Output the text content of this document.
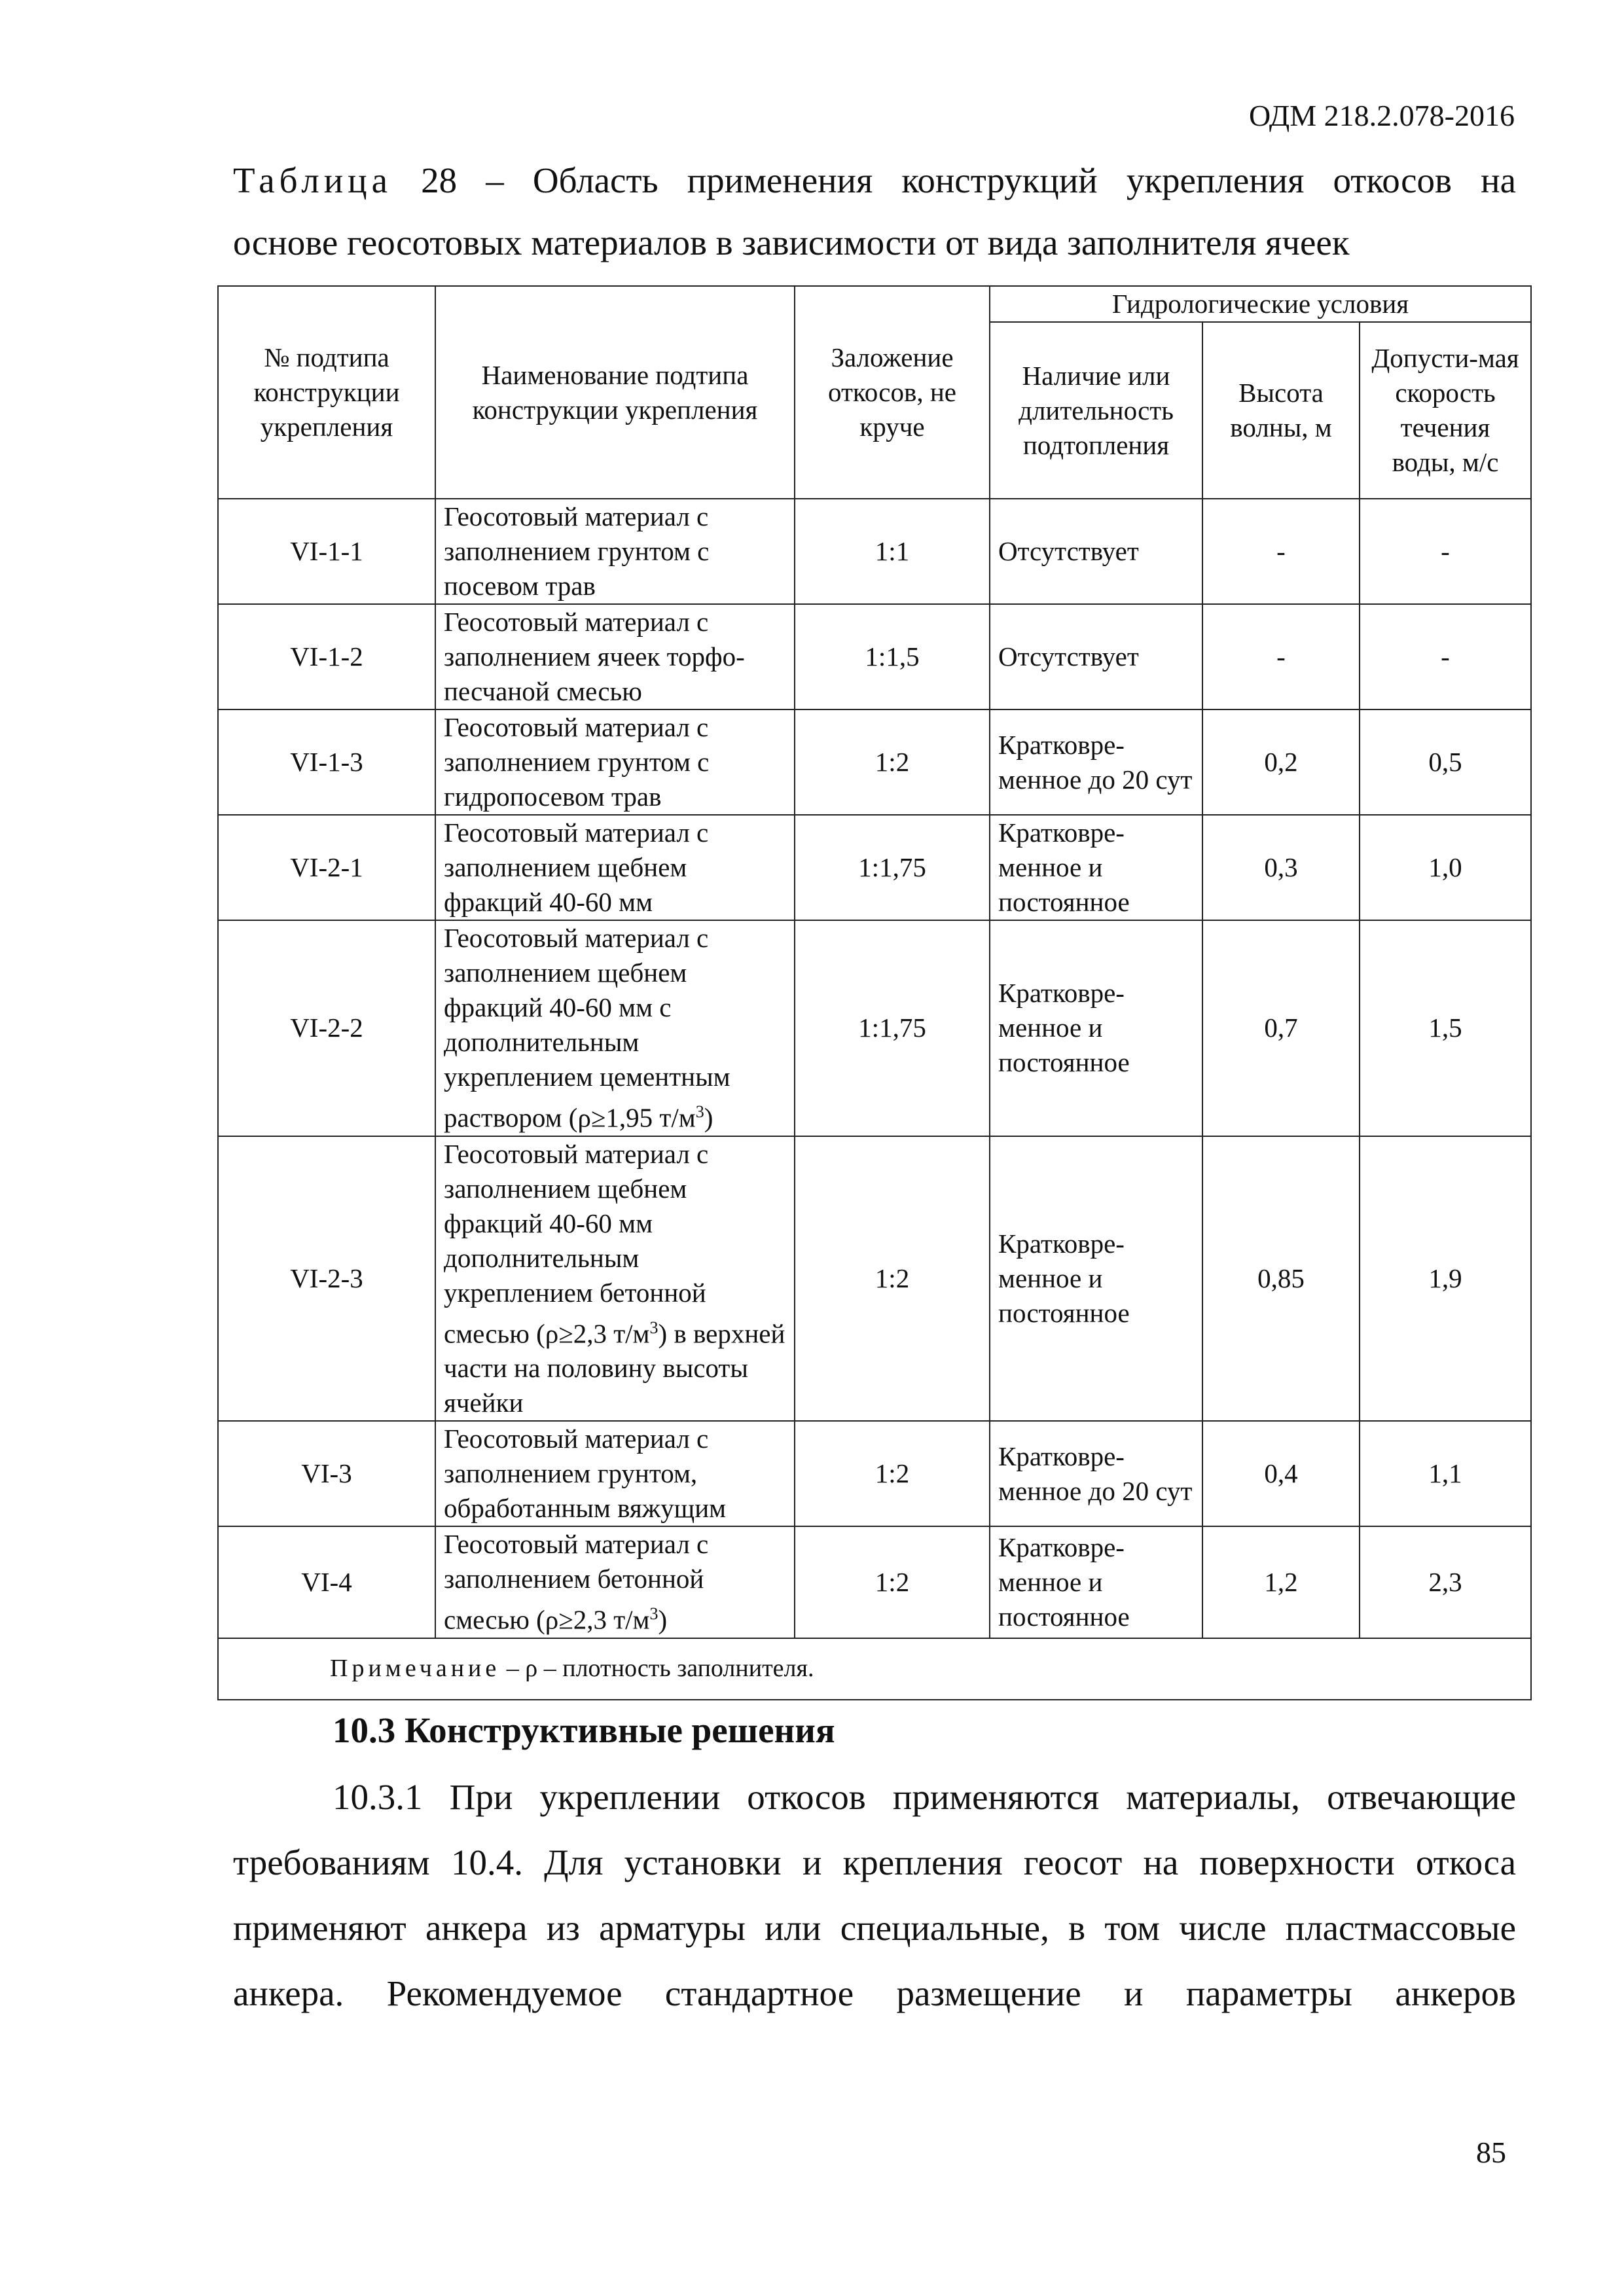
ОДМ 218.2.078-2016
Таблица 28 – Область применения конструкций укрепления откосов на
основе геосотовых материалов в зависимости от вида заполнителя ячеек
№ подтипа конструкции укрепления	Наименование подтипа конструкции укрепления	Заложение откосов, не круче	Гидрологические условия		
			Наличие или длительность подтопления	Высота волны, м	Допусти-мая скорость течения воды, м/с
VI-1-1	Геосотовый материал с заполнением грунтом с посевом трав	1:1	Отсутствует	-	-
VI-1-2	Геосотовый материал с заполнением ячеек торфо-песчаной смесью	1:1,5	Отсутствует	-	-
VI-1-3	Геосотовый материал с заполнением грунтом с гидропосевом трав	1:2	Кратковре-менное до 20 сут	0,2	0,5
VI-2-1	Геосотовый материал с заполнением щебнем фракций 40-60 мм	1:1,75	Кратковре-менное и постоянное	0,3	1,0
VI-2-2	Геосотовый материал с заполнением щебнем фракций 40-60 мм с дополнительным укреплением цементным раствором (ρ≥1,95 $т/м^3$)	1:1,75	Кратковре-менное и постоянное	0,7	1,5
VI-2-3	Геосотовый материал с заполнением щебнем фракций 40-60 мм дополнительным укреплением бетонной смесью (ρ≥2,3 $т/м^3$) в верхней части на половину высоты ячейки	1:2	Кратковре-менное и постоянное	0,85	1,9
VI-3	Геосотовый материал с заполнением грунтом, обработанным вяжущим	1:2	Кратковре-менное до 20 сут	0,4	1,1
VI-4	Геосотовый материал с заполнением бетонной смесью (ρ≥2,3 $т/м^3$)	1:2	Кратковре-менное и постоянное	1,2	2,3
Примечание – ρ – плотность заполнителя.					
10.3 Конструктивные решения
10.3.1 При укреплении откосов применяются материалы, отвечающие требованиям 10.4. Для установки и крепления геосот на поверхности откоса применяют анкера из арматуры или специальные, в том числе пластмассовые анкера. Рекомендуемое стандартное размещение и параметры анкеров
85
